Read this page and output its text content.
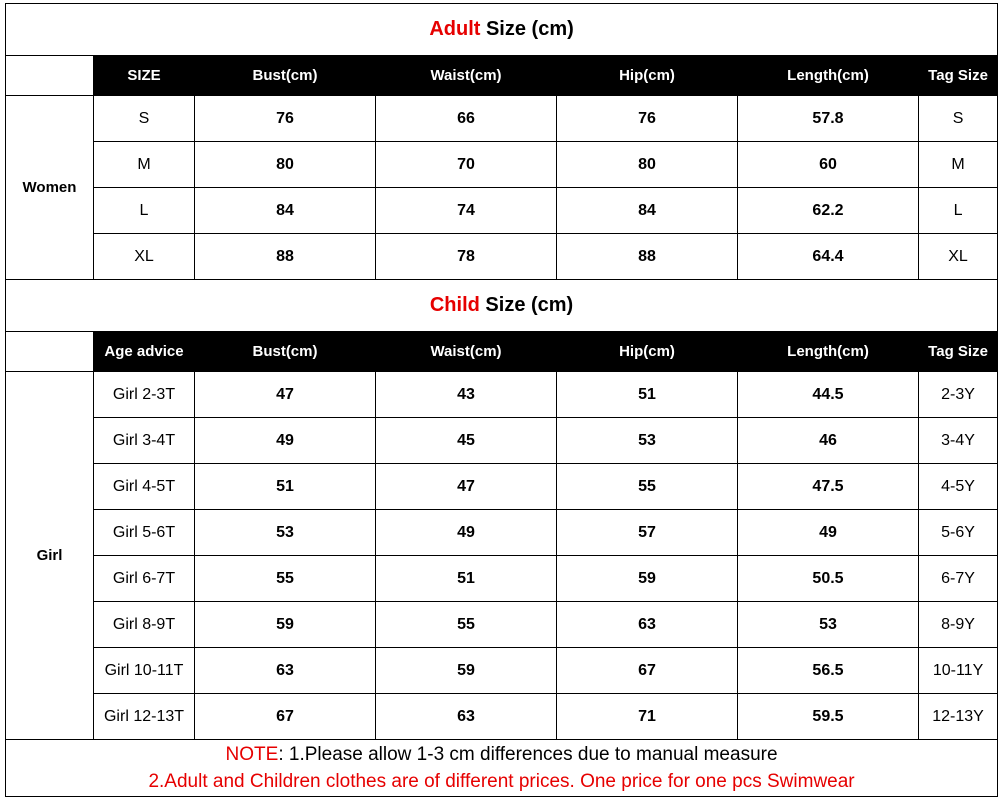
Adult Size (cm)						
	SIZE	Bust(cm)	Waist(cm)	Hip(cm)	Length(cm)	Tag Size
Women	S	76	66	76	57.8	S
	M	80	70	80	60	M
	L	84	74	84	62.2	L
	XL	88	78	88	64.4	XL
Child Size (cm)						
	Age advice	Bust(cm)	Waist(cm)	Hip(cm)	Length(cm)	Tag Size
Girl	Girl 2-3T	47	43	51	44.5	2-3Y
	Girl 3-4T	49	45	53	46	3-4Y
	Girl 4-5T	51	47	55	47.5	4-5Y
	Girl 5-6T	53	49	57	49	5-6Y
	Girl 6-7T	55	51	59	50.5	6-7Y
	Girl 8-9T	59	55	63	53	8-9Y
	Girl 10-11T	63	59	67	56.5	10-11Y
	Girl 12-13T	67	63	71	59.5	12-13Y

NOTE: 1.Please allow 1-3 cm differences due to manual measure
2.Adult and Children clothes are of different prices. One price for one pcs Swimwear						
